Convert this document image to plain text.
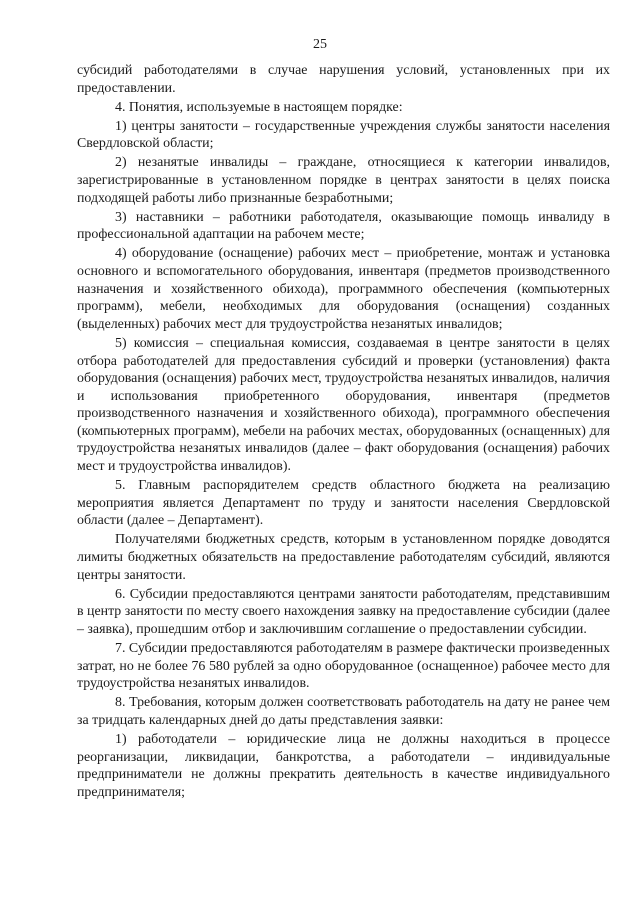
25

субсидий работодателями в случае нарушения условий, установленных при их предоставлении.

4. Понятия, используемые в настоящем порядке:

1) центры занятости – государственные учреждения службы занятости населения Свердловской области;

2) незанятые инвалиды – граждане, относящиеся к категории инвалидов, зарегистрированные в установленном порядке в центрах занятости в целях поиска подходящей работы либо признанные безработными;

3) наставники – работники работодателя, оказывающие помощь инвалиду в профессиональной адаптации на рабочем месте;

4) оборудование (оснащение) рабочих мест – приобретение, монтаж и установка основного и вспомогательного оборудования, инвентаря (предметов производственного назначения и хозяйственного обихода), программного обеспечения (компьютерных программ), мебели, необходимых для оборудования (оснащения) созданных (выделенных) рабочих мест для трудоустройства незанятых инвалидов;

5) комиссия – специальная комиссия, создаваемая в центре занятости в целях отбора работодателей для предоставления субсидий и проверки (установления) факта оборудования (оснащения) рабочих мест, трудоустройства незанятых инвалидов, наличия и использования приобретенного оборудования, инвентаря (предметов производственного назначения и хозяйственного обихода), программного обеспечения (компьютерных программ), мебели на рабочих местах, оборудованных (оснащенных) для трудоустройства незанятых инвалидов (далее – факт оборудования (оснащения) рабочих мест и трудоустройства инвалидов).

5. Главным распорядителем средств областного бюджета на реализацию мероприятия является Департамент по труду и занятости населения Свердловской области (далее – Департамент).

Получателями бюджетных средств, которым в установленном порядке доводятся лимиты бюджетных обязательств на предоставление работодателям субсидий, являются центры занятости.

6. Субсидии предоставляются центрами занятости работодателям, представившим в центр занятости по месту своего нахождения заявку на предоставление субсидии (далее – заявка), прошедшим отбор и заключившим соглашение о предоставлении субсидии.

7. Субсидии предоставляются работодателям в размере фактически произведенных затрат, но не более 76 580 рублей за одно оборудованное (оснащенное) рабочее место для трудоустройства незанятых инвалидов.

8. Требования, которым должен соответствовать работодатель на дату не ранее чем за тридцать календарных дней до даты представления заявки:

1) работодатели – юридические лица не должны находиться в процессе реорганизации, ликвидации, банкротства, а работодатели – индивидуальные предприниматели не должны прекратить деятельность в качестве индивидуального предпринимателя;
